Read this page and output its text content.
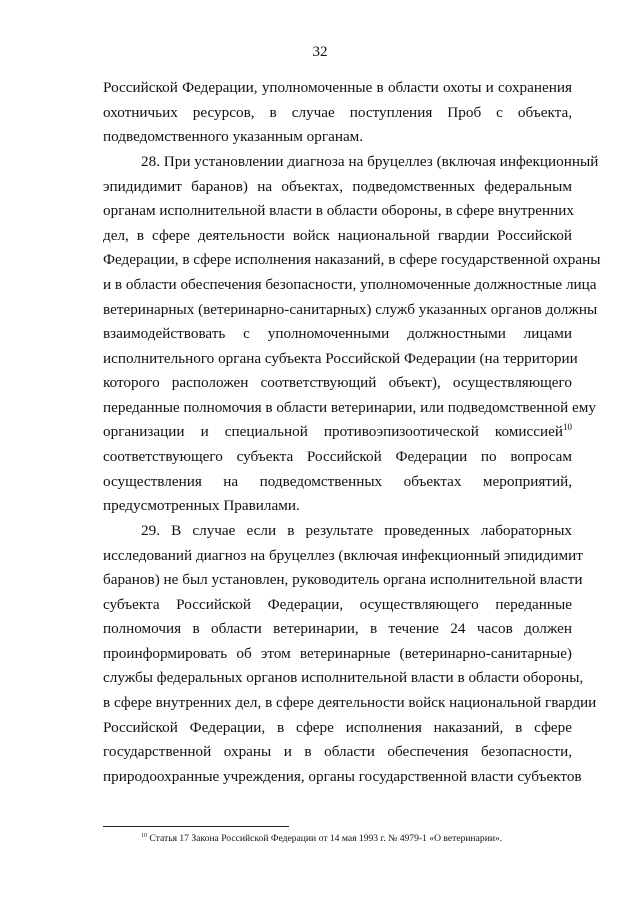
32
Российской Федерации, уполномоченные в области охоты и сохранения
охотничьих ресурсов, в случае поступления Проб с объекта,
подведомственного указанным органам.
28. При установлении диагноза на бруцеллез (включая инфекционный
эпидидимит баранов) на объектах, подведомственных федеральным
органам исполнительной власти в области обороны, в сфере внутренних
дел, в сфере деятельности войск национальной гвардии Российской
Федерации, в сфере исполнения наказаний, в сфере государственной охраны
и в области обеспечения безопасности, уполномоченные должностные лица
ветеринарных (ветеринарно-санитарных) служб указанных органов должны
взаимодействовать с уполномоченными должностными лицами
исполнительного органа субъекта Российской Федерации (на территории
которого расположен соответствующий объект), осуществляющего
переданные полномочия в области ветеринарии, или подведомственной ему
организации и специальной противоэпизоотической комиссией$^{10}$
соответствующего субъекта Российской Федерации по вопросам
осуществления на подведомственных объектах мероприятий,
предусмотренных Правилами.
29. В случае если в результате проведенных лабораторных
исследований диагноз на бруцеллез (включая инфекционный эпидидимит
баранов) не был установлен, руководитель органа исполнительной власти
субъекта Российской Федерации, осуществляющего переданные
полномочия в области ветеринарии, в течение 24 часов должен
проинформировать об этом ветеринарные (ветеринарно-санитарные)
службы федеральных органов исполнительной власти в области обороны,
в сфере внутренних дел, в сфере деятельности войск национальной гвардии
Российской Федерации, в сфере исполнения наказаний, в сфере
государственной охраны и в области обеспечения безопасности,
природоохранные учреждения, органы государственной власти субъектов
$^{10}$ Статья 17 Закона Российской Федерации от 14 мая 1993 г. № 4979-1 «О ветеринарии».
